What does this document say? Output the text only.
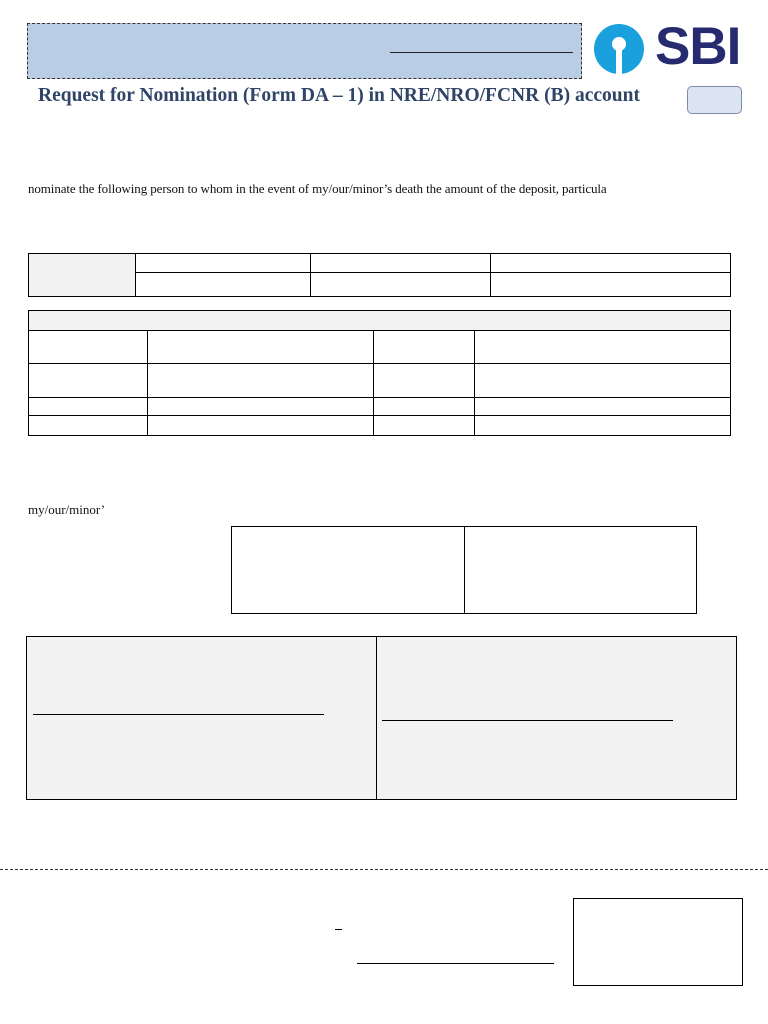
SBI
Request for Nomination (Form DA – 1) in NRE/NRO/FCNR (B) account
nominate the following person to whom in the event of my/our/minor’s death the amount of the deposit, particula

my/our/minor’
